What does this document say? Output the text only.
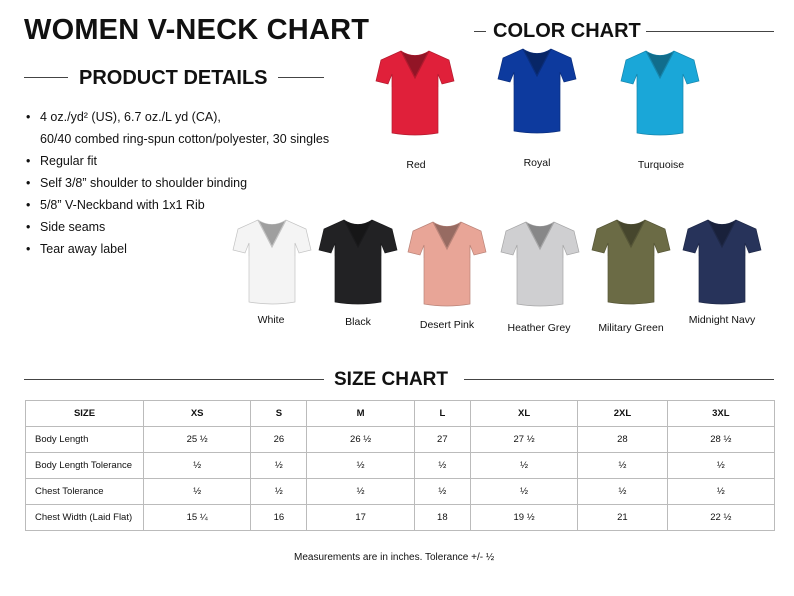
WOMEN V-NECK CHART	COLOR CHART
PRODUCT DETAILS
• 4 oz./yd² (US), 6.7 oz./L yd (CA),
60/40 combed ring-spun cotton/polyester, 30 singles
• Regular fit
• Self 3/8” shoulder to shoulder binding
• 5/8” V-Neckband with 1x1 Rib
• Side seams
• Tear away label
Red	Royal	Turquoise
White	Black	Desert Pink	Heather Grey	Military Green
Midnight Navy
SIZE CHART
SIZE	XS	S	M	L	XL	2XL	3XL
Body Length	25 ½	26	26 ½	27	27 ½	28	28 ½
Body Length Tolerance	½	½	½	½	½	½	½
Chest Tolerance	½	½	½	½	½	½	½
Chest Width (Laid Flat)	15 ¼	16	17	18	19 ½	21	22 ½
Measurements are in inches. Tolerance +/- ½
